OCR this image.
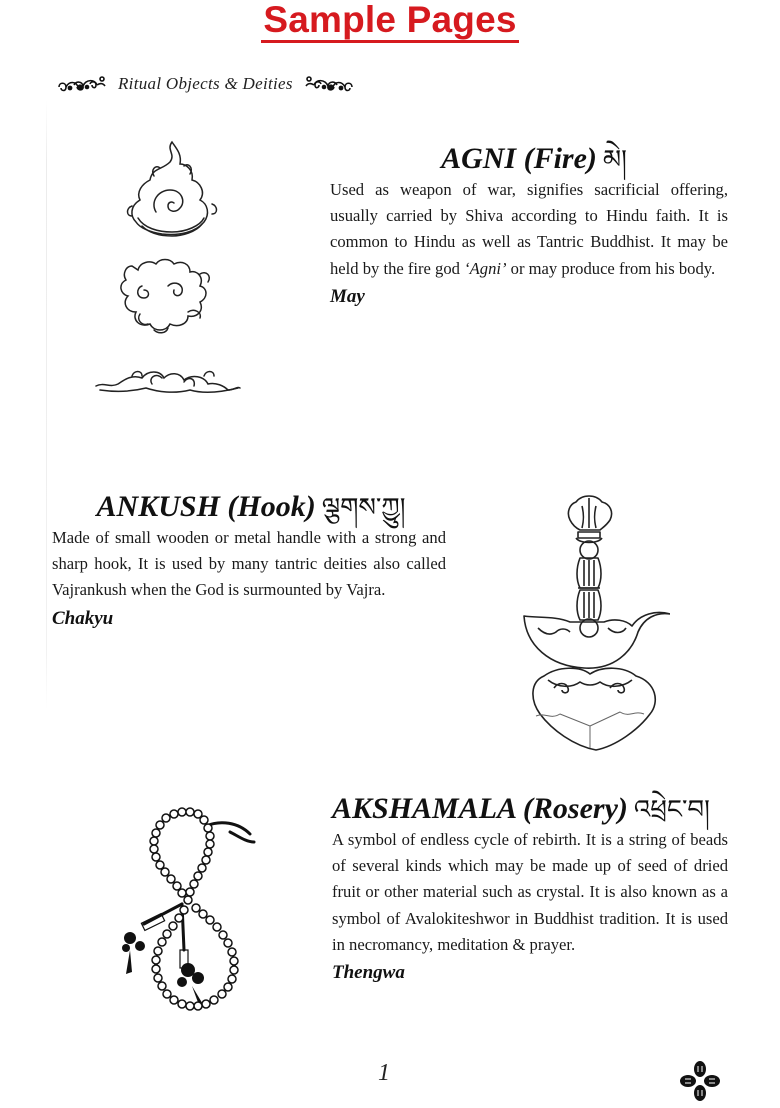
Sample Pages
Ritual Objects & Deities
AGNI (Fire) མེ།
Used as weapon of war, signifies sacrificial offering, usually carried by Shiva according to Hindu faith. It is common to Hindu as well as Tantric Buddhist. It may be held by the fire god ‘Agni’ or may produce from his body.
May
ANKUSH (Hook) ལྕགས་ཀྱུ།
Made of small wooden or metal handle with a strong and sharp hook, It is used by many tantric deities also called Vajrankush when the God is surmounted by Vajra.
Chakyu
AKSHAMALA (Rosery) འཕྲེང་བ།
A symbol of endless cycle of rebirth. It is a string of beads of several kinds which may be made up of seed of dried fruit or other material such as crystal. It is also known as a symbol of Avalokiteshwor in Buddhist tradition. It is used in necromancy, meditation & prayer.
Thengwa
1
